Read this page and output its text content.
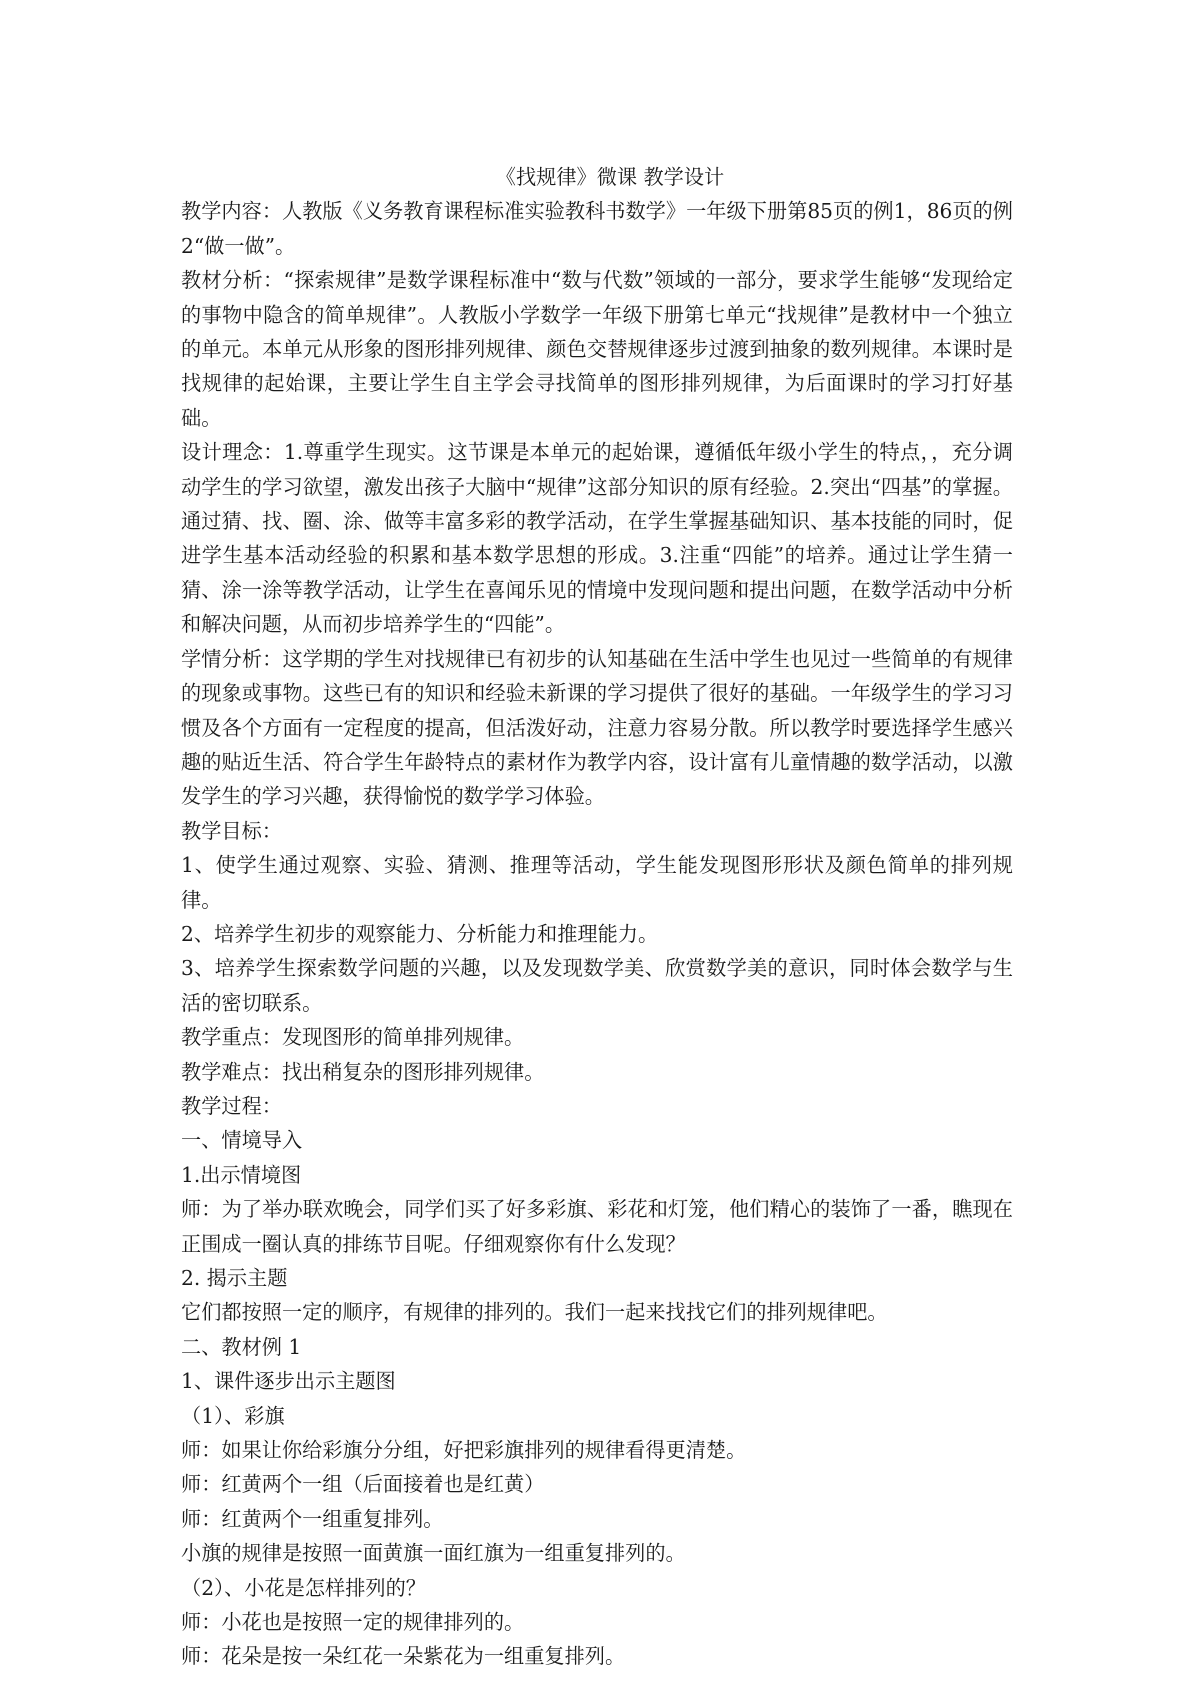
《找规律》微课 教学设计

教学内容：人教版《义务教育课程标准实验教科书数学》一年级下册第85页的例1，86页的例2“做一做”。

教材分析：“探索规律”是数学课程标准中“数与代数”领域的一部分，要求学生能够“发现给定的事物中隐含的简单规律”。人教版小学数学一年级下册第七单元“找规律”是教材中一个独立的单元。本单元从形象的图形排列规律、颜色交替规律逐步过渡到抽象的数列规律。本课时是找规律的起始课，主要让学生自主学会寻找简单的图形排列规律，为后面课时的学习打好基础。

设计理念：1.尊重学生现实。这节课是本单元的起始课，遵循低年级小学生的特点，，充分调动学生的学习欲望，激发出孩子大脑中“规律”这部分知识的原有经验。2.突出“四基”的掌握。通过猜、找、圈、涂、做等丰富多彩的教学活动，在学生掌握基础知识、基本技能的同时，促进学生基本活动经验的积累和基本数学思想的形成。3.注重“四能”的培养。通过让学生猜一猜、涂一涂等教学活动，让学生在喜闻乐见的情境中发现问题和提出问题，在数学活动中分析和解决问题，从而初步培养学生的“四能”。

学情分析：这学期的学生对找规律已有初步的认知基础在生活中学生也见过一些简单的有规律的现象或事物。这些已有的知识和经验未新课的学习提供了很好的基础。一年级学生的学习习惯及各个方面有一定程度的提高，但活泼好动，注意力容易分散。所以教学时要选择学生感兴趣的贴近生活、符合学生年龄特点的素材作为教学内容，设计富有儿童情趣的数学活动，以激发学生的学习兴趣，获得愉悦的数学学习体验。

教学目标：

1、使学生通过观察、实验、猜测、推理等活动，学生能发现图形形状及颜色简单的排列规律。

2、培养学生初步的观察能力、分析能力和推理能力。

3、培养学生探索数学问题的兴趣，以及发现数学美、欣赏数学美的意识，同时体会数学与生活的密切联系。

教学重点：发现图形的简单排列规律。

教学难点：找出稍复杂的图形排列规律。

教学过程：

一、情境导入

1.出示情境图

师：为了举办联欢晚会，同学们买了好多彩旗、彩花和灯笼，他们精心的装饰了一番，瞧现在正围成一圈认真的排练节目呢。仔细观察你有什么发现？

2. 揭示主题

它们都按照一定的顺序，有规律的排列的。我们一起来找找它们的排列规律吧。

二、教材例 1

1、课件逐步出示主题图

（1）、彩旗

师：如果让你给彩旗分分组，好把彩旗排列的规律看得更清楚。

师：红黄两个一组（后面接着也是红黄）

师：红黄两个一组重复排列。

小旗的规律是按照一面黄旗一面红旗为一组重复排列的。

（2）、小花是怎样排列的？

师：小花也是按照一定的规律排列的。

师：花朵是按一朵红花一朵紫花为一组重复排列。
